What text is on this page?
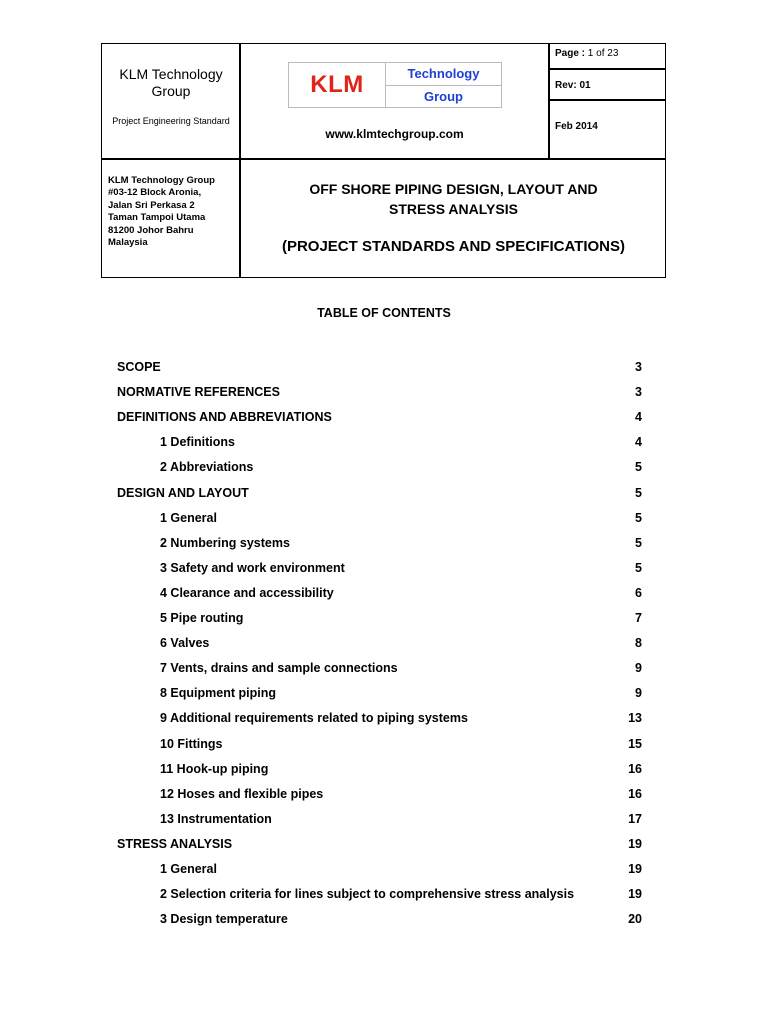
KLM Technology Group
Project Engineering Standard
KLM	Technology
Group
www.klmtechgroup.com
Page : 1 of 23
Rev: 01
Feb 2014
KLM Technology Group
#03-12 Block Aronia,
Jalan Sri Perkasa 2
Taman Tampoi Utama
81200 Johor Bahru
Malaysia
OFF SHORE PIPING DESIGN, LAYOUT AND
STRESS ANALYSIS
(PROJECT STANDARDS AND SPECIFICATIONS)
TABLE OF CONTENTS
SCOPE	3
NORMATIVE REFERENCES	3
DEFINITIONS AND ABBREVIATIONS	4
1 Definitions	4
2 Abbreviations	5
DESIGN AND LAYOUT	5
1 General	5
2 Numbering systems	5
3 Safety and work environment	5
4 Clearance and accessibility	6
5 Pipe routing	7
6 Valves	8
7 Vents, drains and sample connections	9
8 Equipment piping	9
9 Additional requirements related to piping systems	13
10 Fittings	15
11 Hook-up piping	16
12 Hoses and flexible pipes	16
13 Instrumentation	17
STRESS ANALYSIS	19
1 General	19
2 Selection criteria for lines subject to comprehensive stress analysis	19
3 Design temperature	20
